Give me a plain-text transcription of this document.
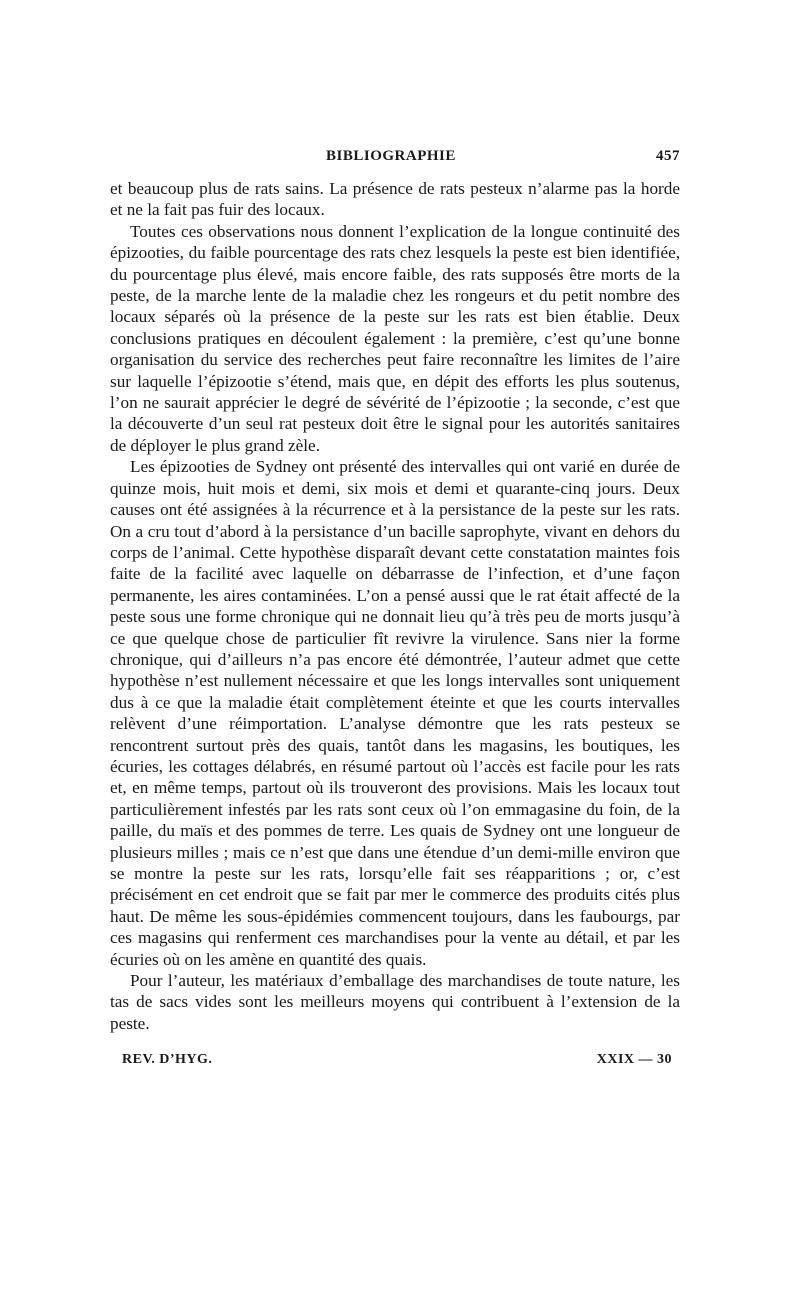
BIBLIOGRAPHIE	457

et beaucoup plus de rats sains. La présence de rats pesteux n’alarme pas la horde et ne la fait pas fuir des locaux.

Toutes ces observations nous donnent l’explication de la longue continuité des épizooties, du faible pourcentage des rats chez lesquels la peste est bien identifiée, du pourcentage plus élevé, mais encore faible, des rats supposés être morts de la peste, de la marche lente de la maladie chez les rongeurs et du petit nombre des locaux séparés où la présence de la peste sur les rats est bien établie. Deux conclusions pratiques en découlent également : la première, c’est qu’une bonne organisation du service des recherches peut faire reconnaître les limites de l’aire sur laquelle l’épizootie s’étend, mais que, en dépit des efforts les plus soutenus, l’on ne saurait apprécier le degré de sévérité de l’épizootie ; la seconde, c’est que la découverte d’un seul rat pesteux doit être le signal pour les autorités sanitaires de déployer le plus grand zèle.

Les épizooties de Sydney ont présenté des intervalles qui ont varié en durée de quinze mois, huit mois et demi, six mois et demi et quarante-cinq jours. Deux causes ont été assignées à la récurrence et à la persistance de la peste sur les rats. On a cru tout d’abord à la persistance d’un bacille saprophyte, vivant en dehors du corps de l’animal. Cette hypothèse disparaît devant cette constatation maintes fois faite de la facilité avec laquelle on débarrasse de l’infection, et d’une façon permanente, les aires contaminées. L’on a pensé aussi que le rat était affecté de la peste sous une forme chronique qui ne donnait lieu qu’à très peu de morts jusqu’à ce que quelque chose de particulier fît revivre la virulence. Sans nier la forme chronique, qui d’ailleurs n’a pas encore été démontrée, l’auteur admet que cette hypothèse n’est nullement nécessaire et que les longs intervalles sont uniquement dus à ce que la maladie était complètement éteinte et que les courts intervalles relèvent d’une réimportation. L’analyse démontre que les rats pesteux se rencontrent surtout près des quais, tantôt dans les magasins, les boutiques, les écuries, les cottages délabrés, en résumé partout où l’accès est facile pour les rats et, en même temps, partout où ils trouveront des provisions. Mais les locaux tout particulièrement infestés par les rats sont ceux où l’on emmagasine du foin, de la paille, du maïs et des pommes de terre. Les quais de Sydney ont une longueur de plusieurs milles ; mais ce n’est que dans une étendue d’un demi-mille environ que se montre la peste sur les rats, lorsqu’elle fait ses réapparitions ; or, c’est précisément en cet endroit que se fait par mer le commerce des produits cités plus haut. De même les sous-épidémies commencent toujours, dans les faubourgs, par ces magasins qui renferment ces marchandises pour la vente au détail, et par les écuries où on les amène en quantité des quais.

Pour l’auteur, les matériaux d’emballage des marchandises de toute nature, les tas de sacs vides sont les meilleurs moyens qui contribuent à l’extension de la peste.

REV. D’HYG.	XXIX — 30
